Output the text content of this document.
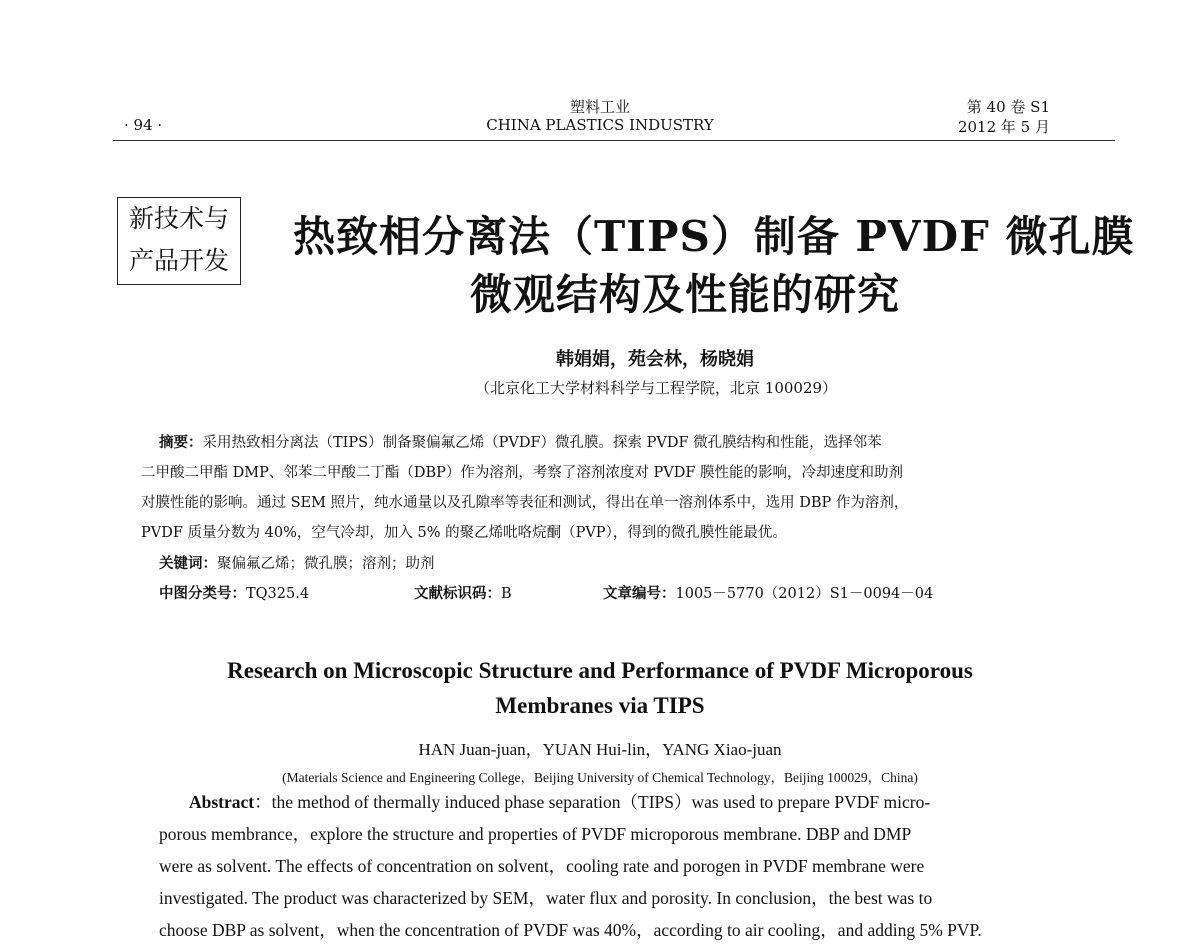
· 94 ·
塑料工业
CHINA PLASTICS INDUSTRY
第 40 卷 S1
2012 年 5 月
新技术与
产品开发 热致相分离法（TIPS）制备 PVDF 微孔膜
微观结构及性能的研究
韩娟娟，苑会林，杨晓娟
（北京化工大学材料科学与工程学院，北京 100029）
摘要：采用热致相分离法（TIPS）制备聚偏氟乙烯（PVDF）微孔膜。探索 PVDF 微孔膜结构和性能，选择邻苯
二甲酸二甲酯 DMP、邻苯二甲酸二丁酯（DBP）作为溶剂，考察了溶剂浓度对 PVDF 膜性能的影响，冷却速度和助剂
对膜性能的影响。通过 SEM 照片，纯水通量以及孔隙率等表征和测试，得出在单一溶剂体系中，选用 DBP 作为溶剂，
PVDF 质量分数为 40%，空气冷却，加入 5% 的聚乙烯吡咯烷酮（PVP），得到的微孔膜性能最优。
关键词：聚偏氟乙烯；微孔膜；溶剂；助剂
中图分类号：TQ325.4	文献标识码：B	文章编号：1005－5770（2012）S1－0094－04
Research on Microscopic Structure and Performance of PVDF Microporous
Membranes via TIPS
HAN Juan-juan，YUAN Hui-lin，YANG Xiao-juan
(Materials Science and Engineering College，Beijing University of Chemical Technology，Beijing 100029，China)
Abstract：the method of thermally induced phase separation（TIPS）was used to prepare PVDF micro-
porous membrance，explore the structure and properties of PVDF microporous membrane. DBP and DMP
were as solvent. The effects of concentration on solvent，cooling rate and porogen in PVDF membrane were
investigated. The product was characterized by SEM，water flux and porosity. In conclusion，the best was to
choose DBP as solvent，when the concentration of PVDF was 40%，according to air cooling，and adding 5% PVP.
